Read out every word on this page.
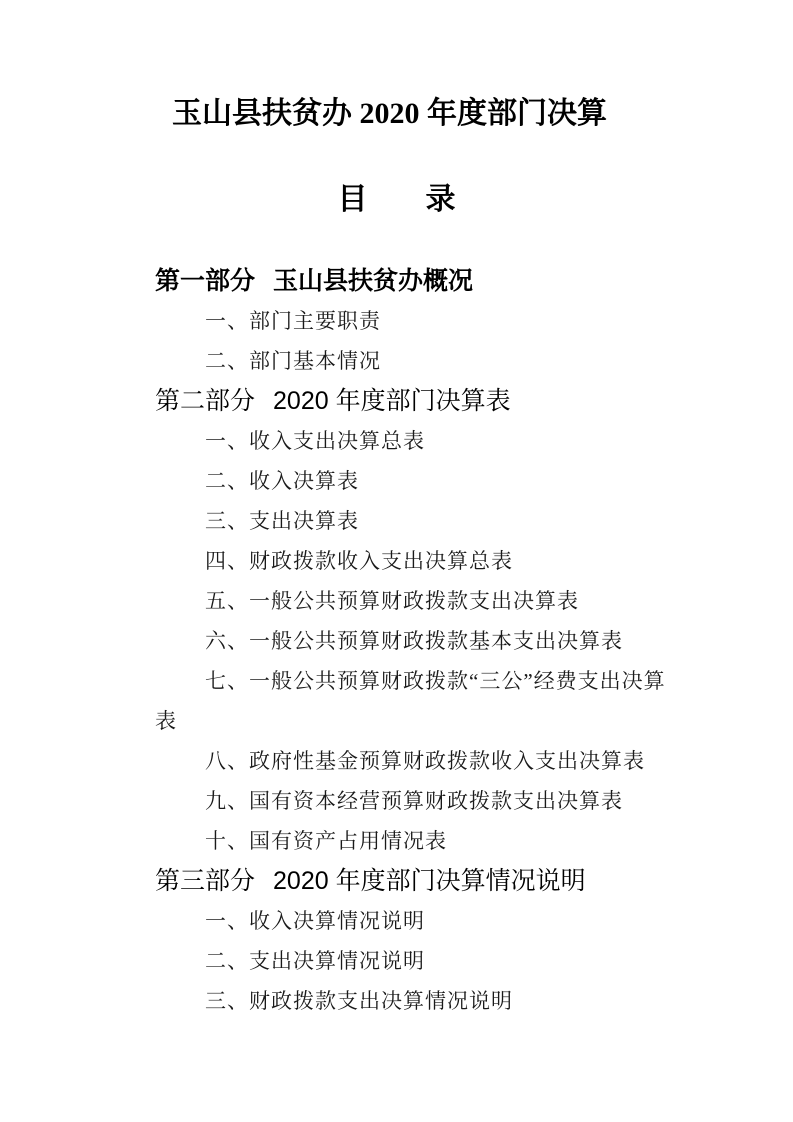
玉山县扶贫办 2020 年度部门决算
目 录
第一部分 玉山县扶贫办概况
一、部门主要职责
二、部门基本情况
第二部分 2020 年度部门决算表
一、收入支出决算总表
二、收入决算表
三、支出决算表
四、财政拨款收入支出决算总表
五、一般公共预算财政拨款支出决算表
六、一般公共预算财政拨款基本支出决算表
七、一般公共预算财政拨款“三公”经费支出决算
表
八、政府性基金预算财政拨款收入支出决算表
九、国有资本经营预算财政拨款支出决算表
十、国有资产占用情况表
第三部分 2020 年度部门决算情况说明
一、收入决算情况说明
二、支出决算情况说明
三、财政拨款支出决算情况说明
